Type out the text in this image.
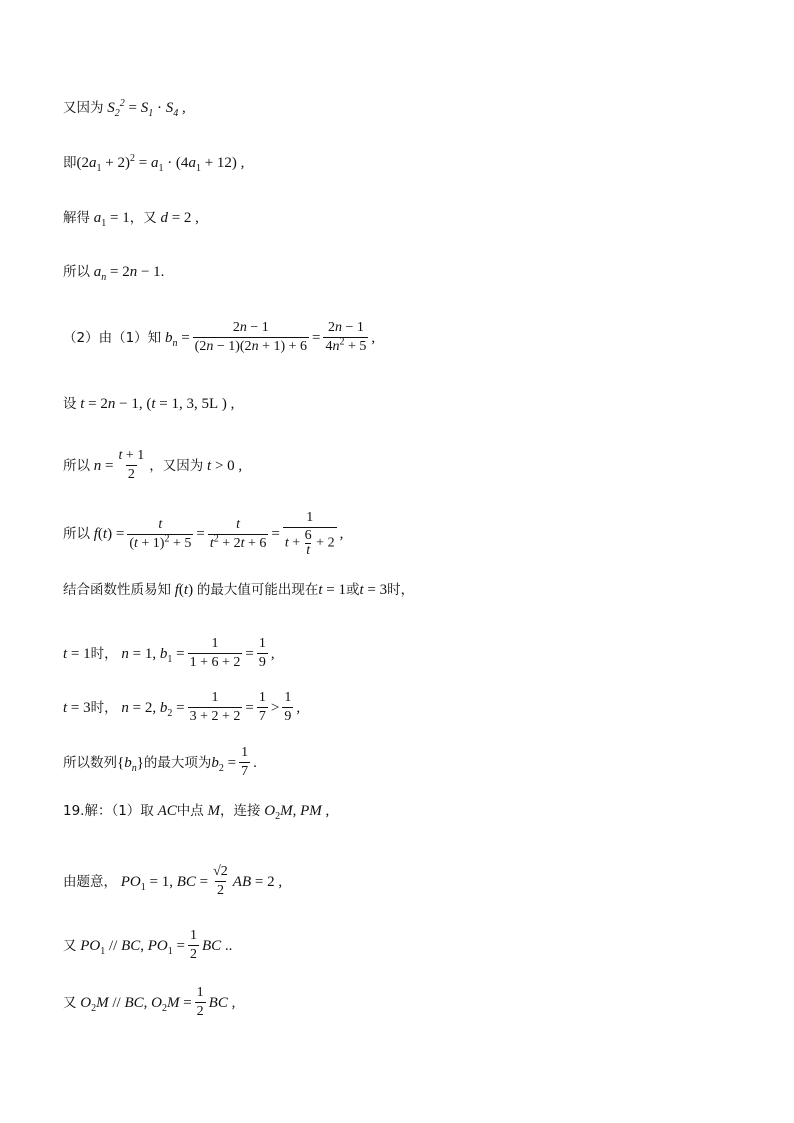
又因为 $S_2^2 = S_1 \cdot S_4$ ,
即 (2 a $_1$ + 2)$^2$ = a $_1$ · (4 a $_1$ + 12) ,
解得 a $_1$ = 1 ，又 d = 2 ,
所以 $a_n = 2$ n − 1.
（2）由（1）知 $b_n = \frac{2n - 1}{(2n - 1)(2n + 1) + 6} = \frac{2n - 1}{4n^2 + 5}$ ,
设 t = 2 n − 1, ( t = 1, 3, 5L ) ,
所以 $n = \frac{t + 1}{2}$ ，又因为 t > 0 ,
所以 f ( t ) = $\frac{t}{(t + 1)^2 + 5} = \frac{t}{t^2 + 2t + 6} = \frac{1}{t + \frac{6}{t} + 2}$ ,
结合函数性质易知 f ( t ) 的最大值可能出现在 t = 1 或 t = 3 时，
t = 1 时， n = 1, b $_1 = \frac{1}{1 + 6 + 2} = \frac{1}{9}$ ,
t = 3 时， n = 2, b $_2 = \frac{1}{3 + 2 + 2} = \frac{1}{7} > \frac{1}{9}$ ,
所以数列 { $b_n$ } 的最大项为 b $_2 = \frac{1}{7}$ .
19.解：（1）取 AC 中点 M ，连接 O $_2$ M , PM ,
由题意， PO $_1$ = 1, BC = $\frac{√2}{2}$ AB = 2 ,
又 PO $_1$ // BC , PO $_1 = \frac{1}{2}$ BC ..
又 O $_2$ M // BC , O $_2$ $M = \frac{1}{2}$ BC ,
